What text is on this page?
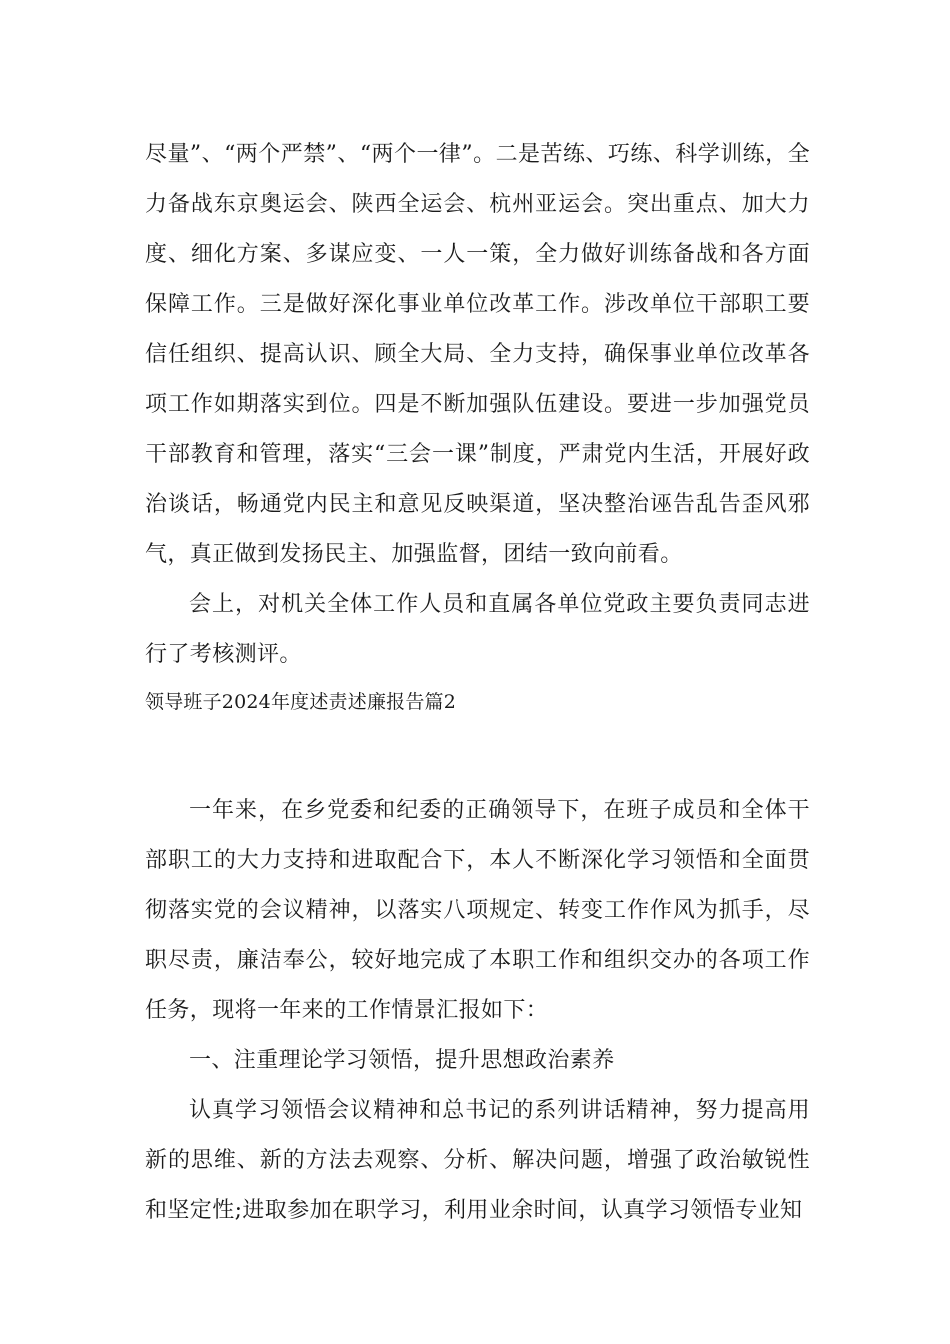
尽量”、“两个严禁”、“两个一律”。二是苦练、巧练、科学训练，全力备战东京奥运会、陕西全运会、杭州亚运会。突出重点、加大力度、细化方案、多谋应变、一人一策，全力做好训练备战和各方面保障工作。三是做好深化事业单位改革工作。涉改单位干部职工要信任组织、提高认识、顾全大局、全力支持，确保事业单位改革各项工作如期落实到位。四是不断加强队伍建设。要进一步加强党员干部教育和管理，落实“三会一课”制度，严肃党内生活，开展好政治谈话，畅通党内民主和意见反映渠道，坚决整治诬告乱告歪风邪气，真正做到发扬民主、加强监督，团结一致向前看。

会上，对机关全体工作人员和直属各单位党政主要负责同志进行了考核测评。

领导班子2024年度述责述廉报告篇2

一年来，在乡党委和纪委的正确领导下，在班子成员和全体干部职工的大力支持和进取配合下，本人不断深化学习领悟和全面贯彻落实党的会议精神，以落实八项规定、转变工作作风为抓手，尽职尽责，廉洁奉公，较好地完成了本职工作和组织交办的各项工作任务，现将一年来的工作情景汇报如下：

一、注重理论学习领悟，提升思想政治素养

认真学习领悟会议精神和总书记的系列讲话精神，努力提高用新的思维、新的方法去观察、分析、解决问题，增强了政治敏锐性和坚定性;进取参加在职学习，利用业余时间，认真学习领悟专业知
